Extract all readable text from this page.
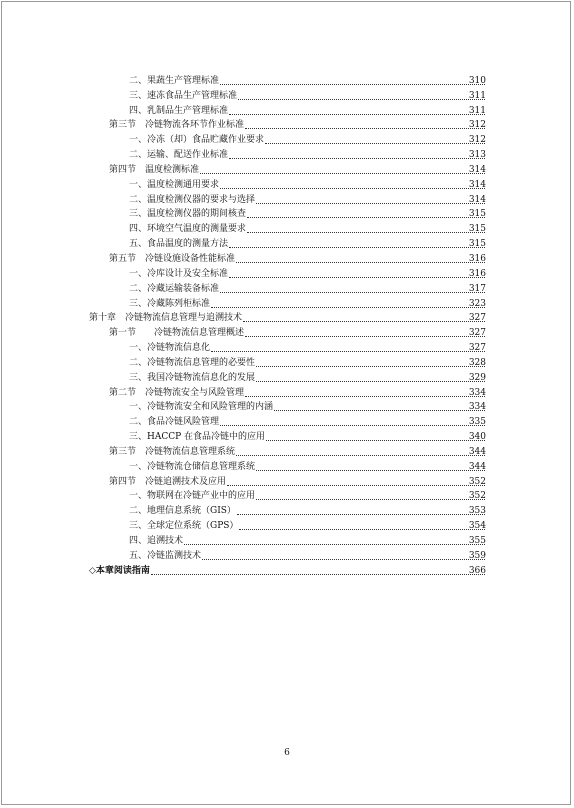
二、果蔬生产管理标准	310
三、速冻食品生产管理标准	311
四、乳制品生产管理标准	311
第三节　冷链物流各环节作业标准	312
一、冷冻（却）食品贮藏作业要求	312
二、运输、配送作业标准	313
第四节　温度检测标准	314
一、温度检测通用要求	314
二、温度检测仪器的要求与选择	314
三、温度检测仪器的期间核查	315
四、环境空气温度的测量要求	315
五、食品温度的测量方法	315
第五节　冷链设施设备性能标准	316
一、冷库设计及安全标准	316
二、冷藏运输装备标准	317
三、冷藏陈列柜标准	323
第十章　冷链物流信息管理与追溯技术	327
第一节　　冷链物流信息管理概述	327
一、冷链物流信息化	327
二、冷链物流信息管理的必要性	328
三、我国冷链物流信息化的发展	329
第二节　冷链物流安全与风险管理	334
一、冷链物流安全和风险管理的内涵	334
二、食品冷链风险管理	335
三、HACCP 在食品冷链中的应用	340
第三节　冷链物流信息管理系统	344
一、冷链物流仓储信息管理系统	344
第四节　冷链追溯技术及应用	352
一、物联网在冷链产业中的应用	352
二、地理信息系统（GIS）	353
三、全球定位系统（GPS）	354
四、追溯技术	355
五、冷链监测技术	359
◇本章阅读指南	366
6
